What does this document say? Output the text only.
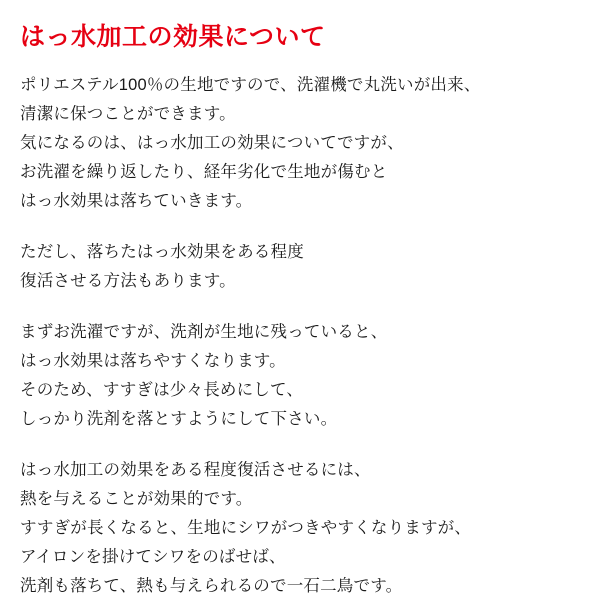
はっ水加工の効果について

ポリエステル100％の生地ですので、洗濯機で丸洗いが出来、
清潔に保つことができます。
気になるのは、はっ水加工の効果についてですが、
お洗濯を繰り返したり、経年劣化で生地が傷むと
はっ水効果は落ちていきます。

ただし、落ちたはっ水効果をある程度
復活させる方法もあります。

まずお洗濯ですが、洗剤が生地に残っていると、
はっ水効果は落ちやすくなります。
そのため、すすぎは少々長めにして、
しっかり洗剤を落とすようにして下さい。

はっ水加工の効果をある程度復活させるには、
熱を与えることが効果的です。
すすぎが長くなると、生地にシワがつきやすくなりますが、
アイロンを掛けてシワをのばせば、
洗剤も落ちて、熱も与えられるので一石二鳥です。
